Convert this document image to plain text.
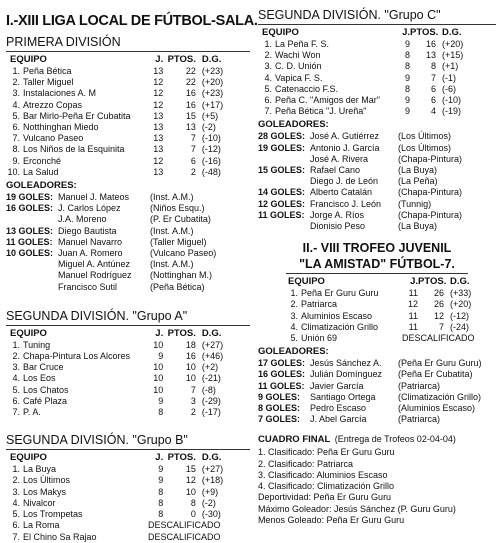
I.-XIII LIGA LOCAL DE FÚTBOL-SALA.
PRIMERA DIVISIÓN
EQUIPO	J. PTOS. D.G.
1. Peña Bética	13	22 (+23)
2. Taller Miguel	12	22 (+20)
3. Instalaciones A. M	12	16 (+23)
4. Atrezzo Copas	12	16 (+17)
5. Bar Mirlo-Peña Er Cubatita	13	15 (+5)
6. Notthinghan Miedo	13	13 (-2)
7. Vulcano Paseo	13	7 (-10)
8. Los Niños de la Esquinita	13	7 (-12)
9. Erconché	12	6 (-16)
10. La Salud	13	2 (-48)
GOLEADORES:
19 GOLES: Manuel J. Mateos	(Inst. A.M.)
16 GOLES: J. Carlos López	(Niños Esqu.)
J.A. Moreno	(P. Er Cubatita)
13 GOLES: Diego Bautista	(Inst. A.M.)
11 GOLES: Manuel Navarro	(Taller Miguel)
10 GOLES: Juan A. Romero	(Vulcano Paseo)
Miguel A. Antúnez	(Inst. A.M.)
Manuel Rodríguez	(Nottinghan M.)
Francisco Sutil	(Peña Bética)
SEGUNDA DIVISIÓN. "Grupo A"
EQUIPO	J. PTOS. D.G.
1. Tuning	10	18 (+27)
2. Chapa-Pintura Los Alcores	9	16 (+46)
3. Bar Cruce	10	10 (+2)
4. Los Eos	10	10 (-21)
5. Los Chatos	10	7 (-8)
6. Café Plaza	9	3 (-29)
7. P. A.	8	2 (-17)
SEGUNDA DIVISIÓN. "Grupo B"
EQUIPO	J. PTOS. D.G.
1. La Buya	9	15 (+27)
2. Los Últimos	9	12 (+18)
3. Los Makys	8	10 (+9)
4. Nivalcor	8	8 (-2)
5. Los Trompetas	8	0 (-30)
6. La Roma	DESCALIFICADO
7. El Chino Sa Rajao	DESCALIFICADO
SEGUNDA DIVISIÓN. "Grupo C"
EQUIPO	J. PTOS. D.G.
1. La Peña F. S.	9	16 (+20)
2. Wachi Won	8	13 (+15)
3. C. D. Unión	8	8 (+1)
4. Vapica F. S.	9	7 (-1)
5. Catenaccio F.S.	8	6 (-6)
6. Peña C. "Amigos der Mar"	9	6 (-10)
7. Peña Bética "J. Ureña"	9	4 (-19)
GOLEADORES:
28 GOLES: José A. Gutiérrez	(Los Últimos)
19 GOLES: Antonio J. García	(Los Últimos)
José A. Rivera	(Chapa-Pintura)
15 GOLES: Rafael Cano	(La Buya)
Diego J. de León	(La Peña)
14 GOLES: Alberto Catalán	(Chapa-Pintura)
12 GOLES: Francisco J. León	(Tunnig)
11 GOLES: Jorge A. Ríos	(Chapa-Pintura)
Dionisio Peso	(La Buya)
II.- VIII TROFEO JUVENIL
"LA AMISTAD" FÚTBOL-7.
EQUIPO	J. PTOS. D.G.
1. Peña Er Guru Guru	11	26 (+33)
2. Patriarca	12	26 (+20)
3. Aluminios Escaso	11	12 (-12)
4. Climatización Grillo	11	7 (-24)
5. Unión 69	DESCALIFICADO
GOLEADORES:
17 GOLES: Jesús Sánchez A.	(Peña Er Guru Guru)
16 GOLES: Julián Domínguez	(Peña Er Cubatita)
11 GOLES: Javier García	(Patriarca)
9 GOLES:	Santiago Ortega	(Climatización Grillo)
8 GOLES:	Pedro Escaso	(Aluminios Escaso)
7 GOLES:	J. Abel García	(Patriarca)
CUADRO FINAL (Entrega de Trofeos 02-04-04)
1. Clasificado: Peña Er Guru Guru
2. Clasificado: Patriarca
3. Clasificado: Aluminios Escaso
4. Clasificado: Climatización Grillo
Deportividad: Peña Er Guru Guru
Máximo Goleador: Jesús Sánchez (P. Guru Guru)
Menos Goleado: Peña Er Guru Guru
